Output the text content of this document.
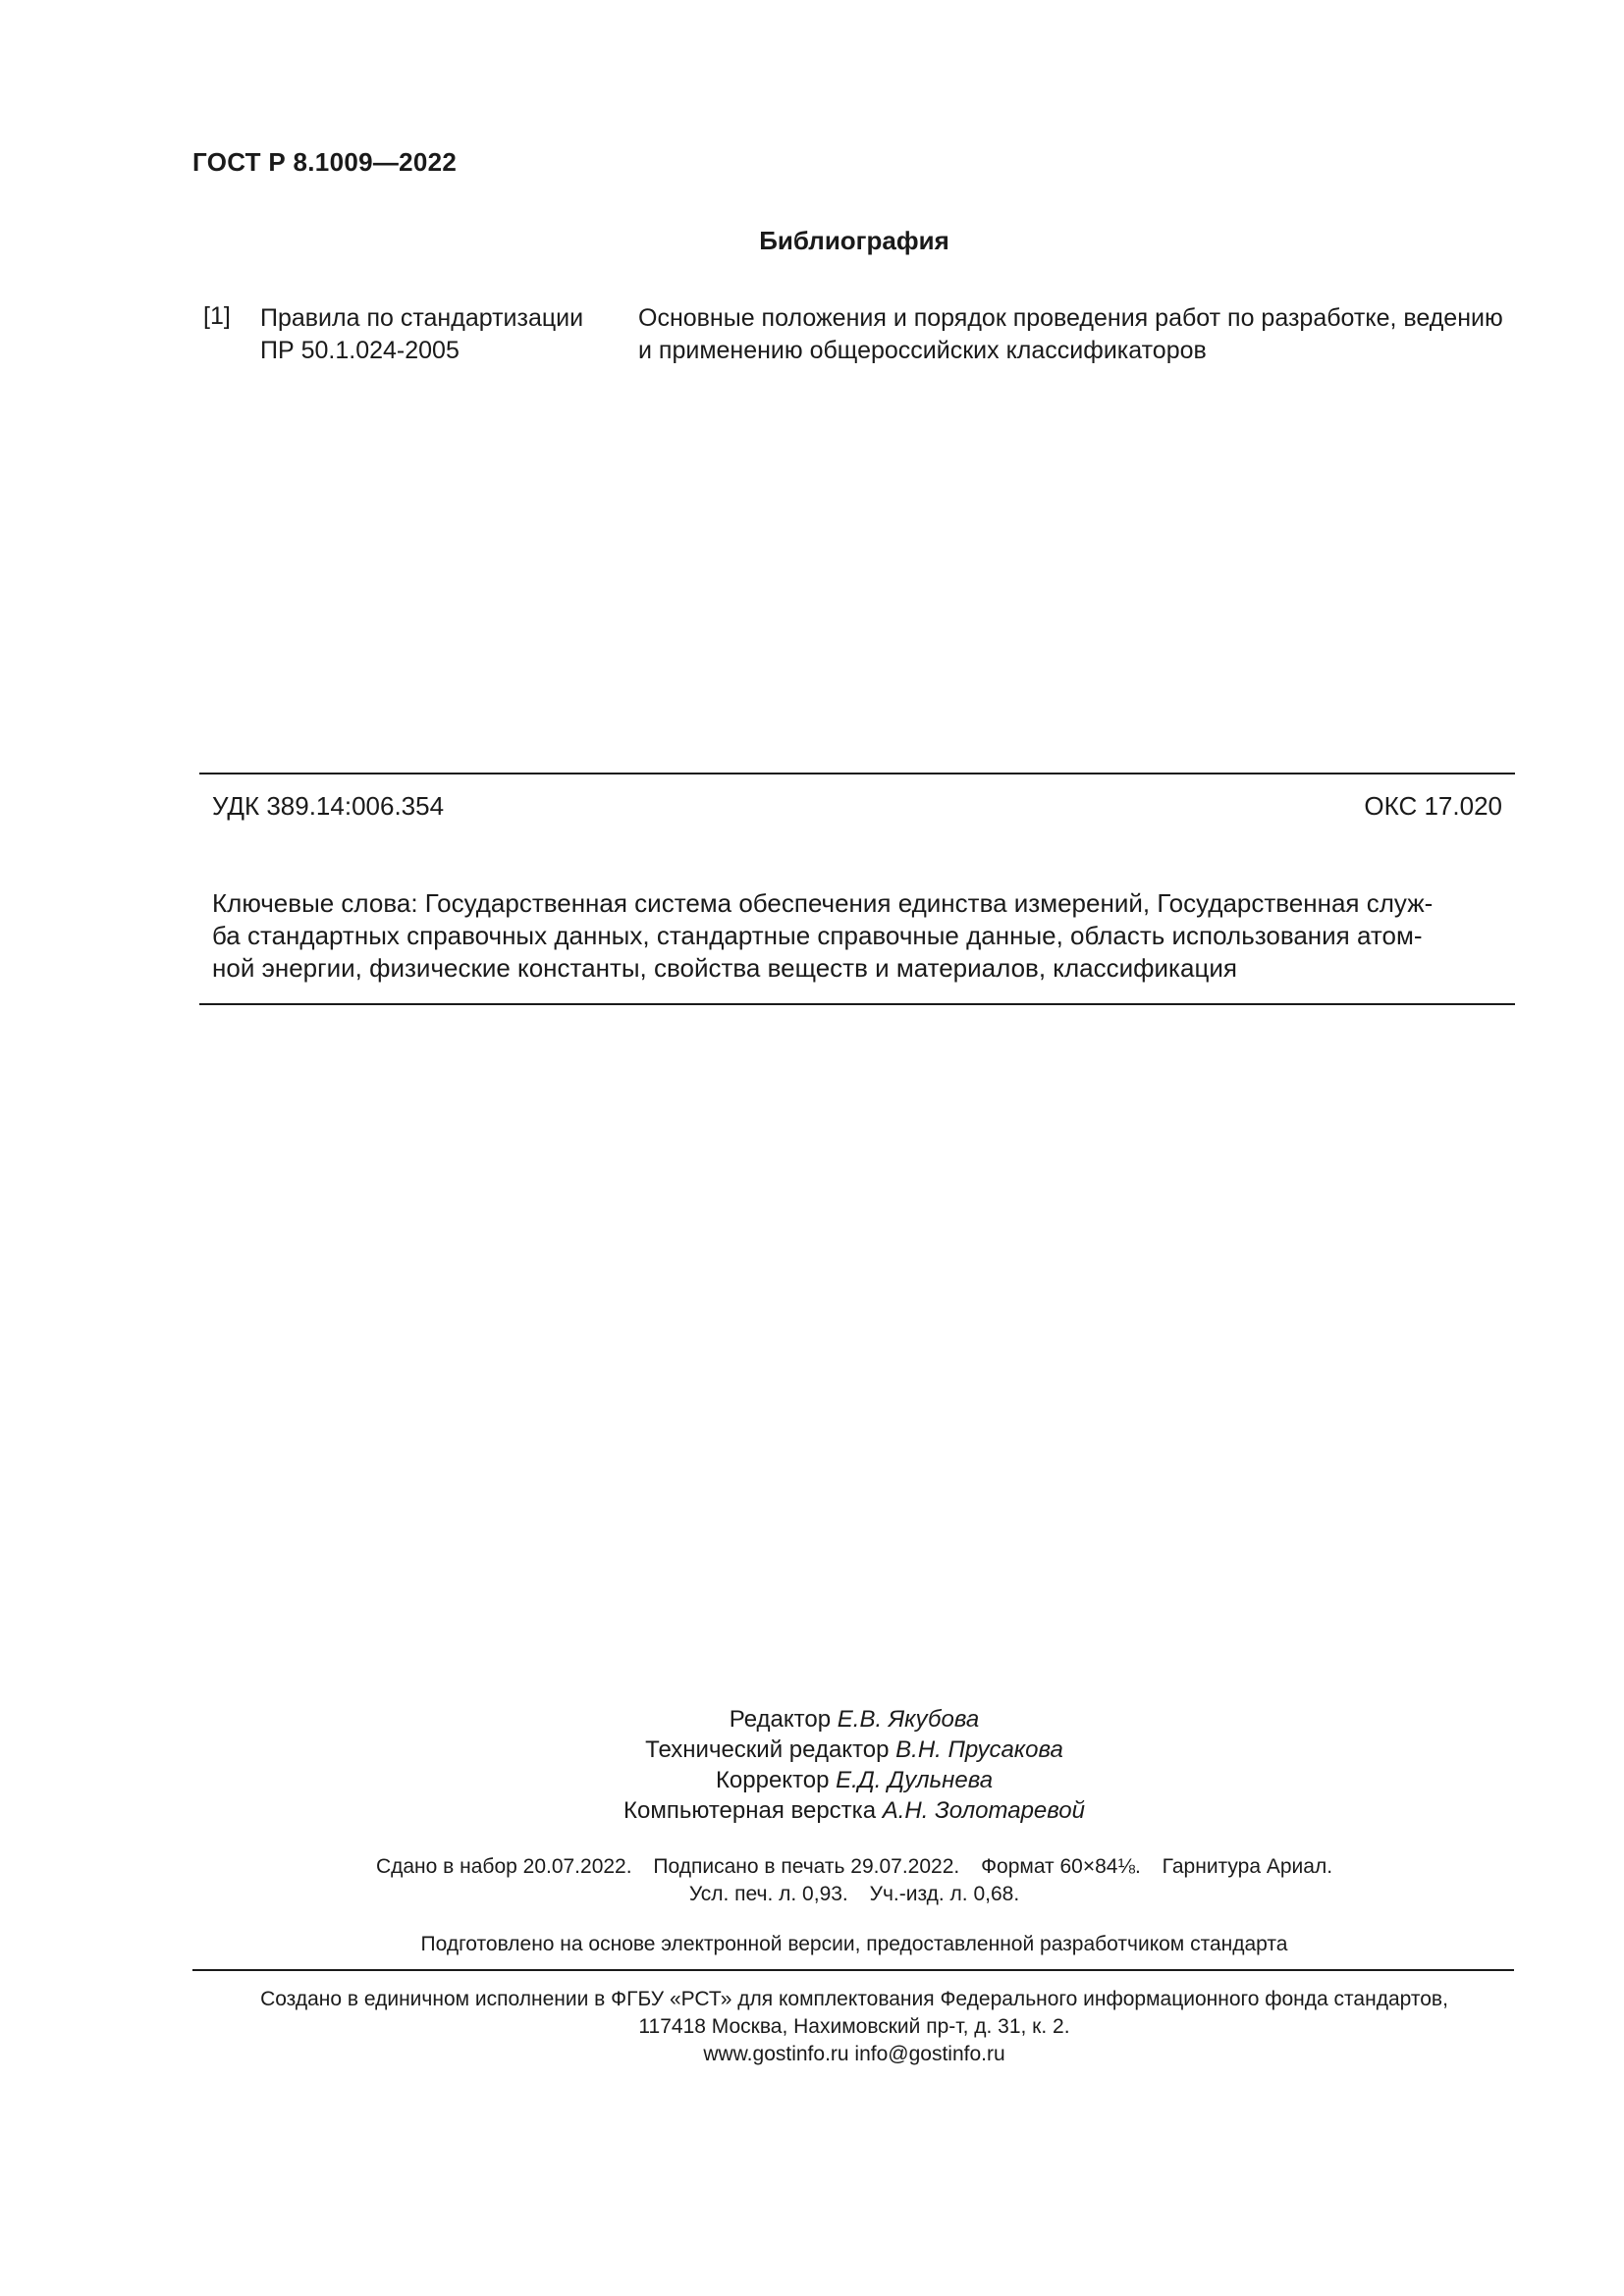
ГОСТ Р 8.1009—2022
Библиография
[1] Правила по стандартизации
ПР 50.1.024-2005
Основные положения и порядок проведения работ по разработке, ведению
и применению общероссийских классификаторов
УДК 389.14:006.354	ОКС 17.020
Ключевые слова: Государственная система обеспечения единства измерений, Государственная служ-
ба стандартных справочных данных, стандартные справочные данные, область использования атом-
ной энергии, физические константы, свойства веществ и материалов, классификация
Редактор Е.В. Якубова
Технический редактор В.Н. Прусакова
Корректор Е.Д. Дульнева
Компьютерная верстка А.Н. Золотаревой
Сдано в набор 20.07.2022. Подписано в печать 29.07.2022. Формат 60×84⅛. Гарнитура Ариал.
Усл. печ. л. 0,93. Уч.-изд. л. 0,68.
Подготовлено на основе электронной версии, предоставленной разработчиком стандарта
Создано в единичном исполнении в ФГБУ «РСТ» для комплектования Федерального информационного фонда стандартов,
117418 Москва, Нахимовский пр-т, д. 31, к. 2.
www.gostinfo.ru info@gostinfo.ru
